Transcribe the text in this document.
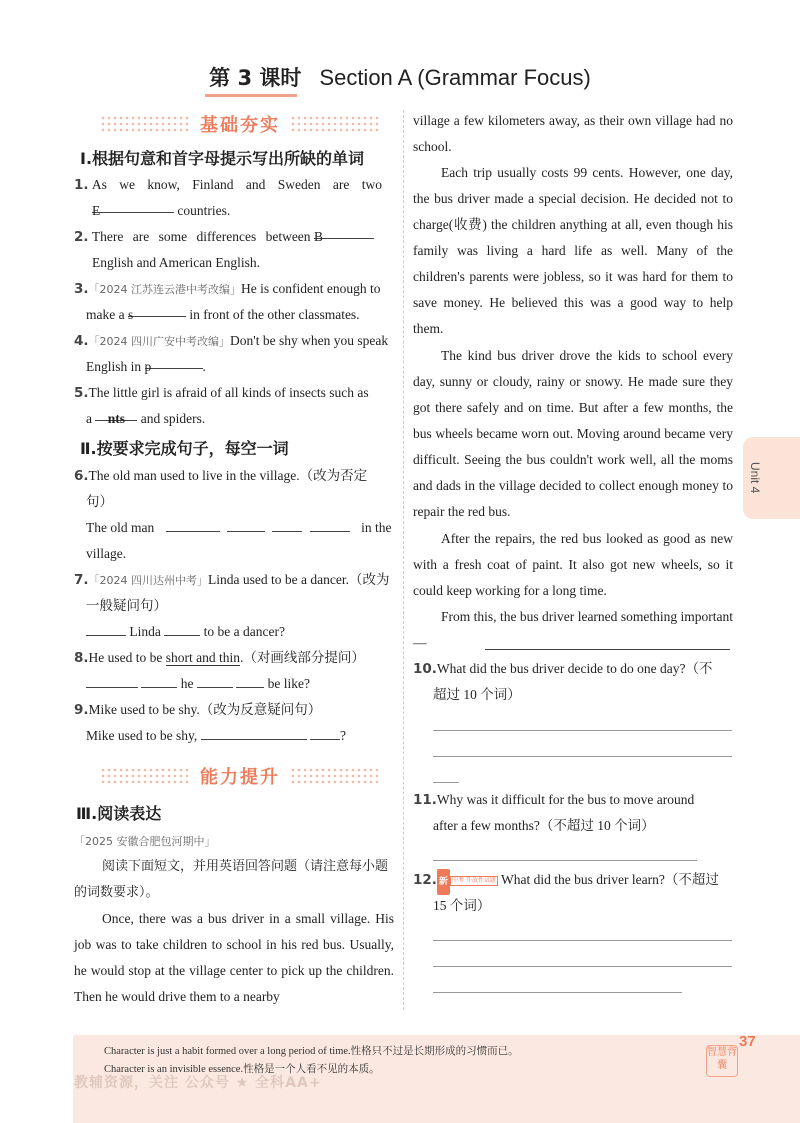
第 3 课时 Section A (Grammar Focus)
基础夯实
Ⅰ.根据句意和首字母提示写出所缺的单词
1. As we know, Finland and Sweden are two
E	countries.
2. There are some differences between B
English and American English.
3.「2024 江苏连云港中考改编」He is confident enough to
make a s	in front of the other classmates.
4.「2024 四川广安中考改编」Don't be shy when you speak
English in p	.
5.The little girl is afraid of all kinds of insects such as
a nts and spiders.
Ⅱ.按要求完成句子，每空一词
6.The old man used to live in the village.（改为否定
句）
The old man	in the
village.
7.「2024 四川达州中考」Linda used to be a dancer.（改为
一般疑问句）
Linda	to be a dancer?
8.He used to be short and thin.（对画线部分提问）
he	be like?
9.Mike used to be shy.（改为反意疑问句）
Mike used to be shy,	?
能力提升
Ⅲ.阅读表达
「2025 安徽合肥包河期中」
阅读下面短文，并用英语回答问题（请注意每小题的词数要求）。
Once, there was a bus driver in a small village. His job was to take children to school in his red bus. Usually, he would stop at the village center to pick up the children. Then he would drive them to a nearby
village a few kilometers away, as their own village had no school.
Each trip usually costs 99 cents. However, one day, the bus driver made a special decision. He decided not to charge(收费) the children anything at all, even though his family was living a hard life as well. Many of the children's parents were jobless, so it was hard for them to save money. He believed this was a good way to help them.
The kind bus driver drove the kids to school every day, sunny or cloudy, rainy or snowy. He made sure they got there safely and on time. But after a few months, the bus wheels became worn out. Moving around became very difficult. Seeing the bus couldn't work well, all the moms and dads in the village decided to collect enough money to repair the red bus.
After the repairs, the red bus looked as good as new with a fresh coat of paint. It also got new wheels, so it could keep working for a long time.
From this, the bus driver learned something important—
10.What did the bus driver decide to do one day?（不
超过 10 个词）
11.Why was it difficult for the bus to move around
after a few months?（不超过 10 个词）
12. 新 中考 开放性试题 What did the bus driver learn?（不超过
15 个词）
Unit 4
Character is just a habit formed over a long period of time.性格只不过是长期形成的习惯而已。
Character is an invisible essence.性格是一个人看不见的本质。
教辅资源，关注 公众号 ★ 全科AA+
智慧背囊
37
